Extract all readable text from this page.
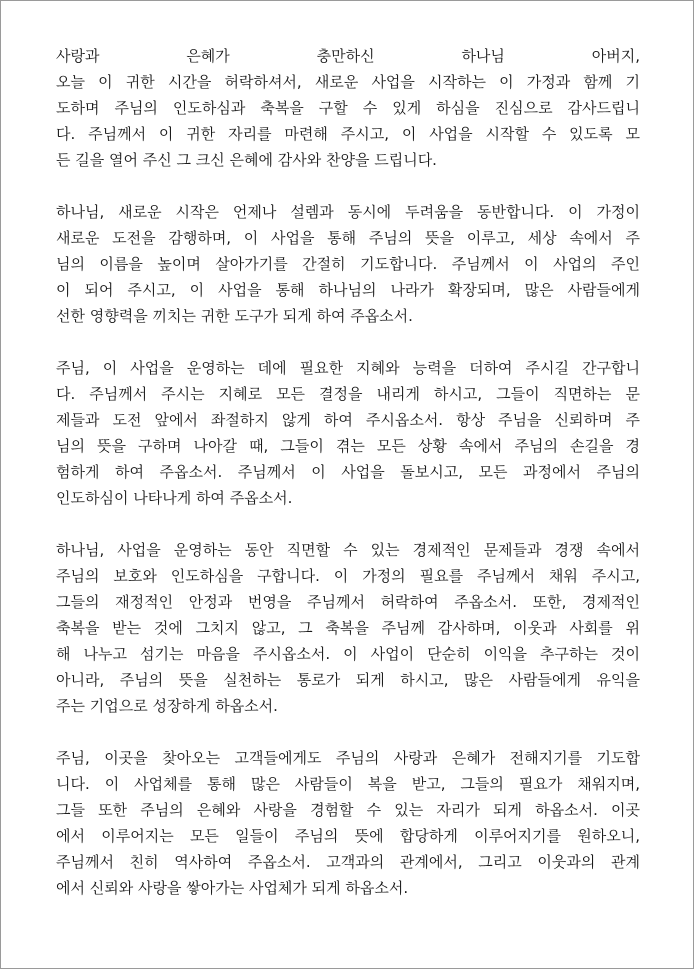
사랑과 은혜가 충만하신 하나님 아버지,
오늘 이 귀한 시간을 허락하셔서, 새로운 사업을 시작하는 이 가정과 함께 기
도하며 주님의 인도하심과 축복을 구할 수 있게 하심을 진심으로 감사드립니
다. 주님께서 이 귀한 자리를 마련해 주시고, 이 사업을 시작할 수 있도록 모
든 길을 열어 주신 그 크신 은혜에 감사와 찬양을 드립니다.
하나님, 새로운 시작은 언제나 설렘과 동시에 두려움을 동반합니다. 이 가정이
새로운 도전을 감행하며, 이 사업을 통해 주님의 뜻을 이루고, 세상 속에서 주
님의 이름을 높이며 살아가기를 간절히 기도합니다. 주님께서 이 사업의 주인
이 되어 주시고, 이 사업을 통해 하나님의 나라가 확장되며, 많은 사람들에게
선한 영향력을 끼치는 귀한 도구가 되게 하여 주옵소서.
주님, 이 사업을 운영하는 데에 필요한 지혜와 능력을 더하여 주시길 간구합니
다. 주님께서 주시는 지혜로 모든 결정을 내리게 하시고, 그들이 직면하는 문
제들과 도전 앞에서 좌절하지 않게 하여 주시옵소서. 항상 주님을 신뢰하며 주
님의 뜻을 구하며 나아갈 때, 그들이 겪는 모든 상황 속에서 주님의 손길을 경
험하게 하여 주옵소서. 주님께서 이 사업을 돌보시고, 모든 과정에서 주님의
인도하심이 나타나게 하여 주옵소서.
하나님, 사업을 운영하는 동안 직면할 수 있는 경제적인 문제들과 경쟁 속에서
주님의 보호와 인도하심을 구합니다. 이 가정의 필요를 주님께서 채워 주시고,
그들의 재정적인 안정과 번영을 주님께서 허락하여 주옵소서. 또한, 경제적인
축복을 받는 것에 그치지 않고, 그 축복을 주님께 감사하며, 이웃과 사회를 위
해 나누고 섬기는 마음을 주시옵소서. 이 사업이 단순히 이익을 추구하는 것이
아니라, 주님의 뜻을 실천하는 통로가 되게 하시고, 많은 사람들에게 유익을
주는 기업으로 성장하게 하옵소서.
주님, 이곳을 찾아오는 고객들에게도 주님의 사랑과 은혜가 전해지기를 기도합
니다. 이 사업체를 통해 많은 사람들이 복을 받고, 그들의 필요가 채워지며,
그들 또한 주님의 은혜와 사랑을 경험할 수 있는 자리가 되게 하옵소서. 이곳
에서 이루어지는 모든 일들이 주님의 뜻에 합당하게 이루어지기를 원하오니,
주님께서 친히 역사하여 주옵소서. 고객과의 관계에서, 그리고 이웃과의 관계
에서 신뢰와 사랑을 쌓아가는 사업체가 되게 하옵소서.
